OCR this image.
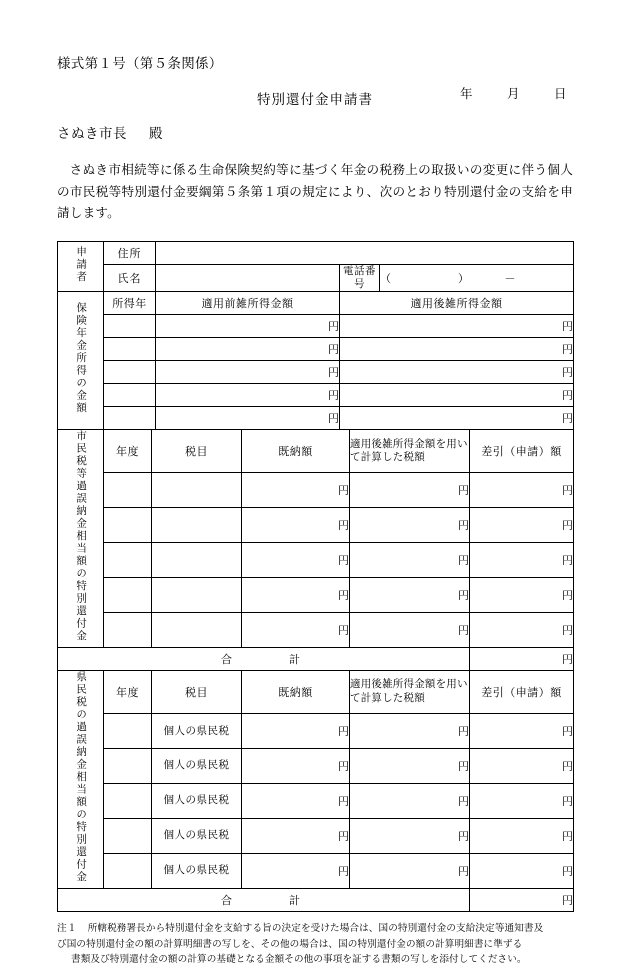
様式第１号（第５条関係）
年	月	日
特別還付金申請書
さぬき市長 殿
さぬき市相続等に係る生命保険契約等に基づく年金の税務上の取扱いの変更に伴う個人の市民税等特別還付金要綱第５条第１項の規定により、次のとおり特別還付金の支給を申請します。
申請者	住所				
	氏名		電話番号	（　　　　　）　　　－	
保険年金所得の金額	所得年	適用前雑所得金額	適用後雑所得金額
		円	円
		円	円
		円	円
		円	円
		円	円
市民税等過誤納金相当額の特別還付金	年度	税目	既納額	適用後雑所得金額を用いて計算した税額	差引（申請）額
			円	円	円
			円	円	円
			円	円	円
			円	円	円
			円	円	円
合　　　計					円
県民税の過誤納金相当額の特別還付金	年度	税目	既納額	適用後雑所得金額を用いて計算した税額	差引（申請）額
		個人の県民税	円	円	円
		個人の県民税	円	円	円
		個人の県民税	円	円	円
		個人の県民税	円	円	円
		個人の県民税	円	円	円
合　　　計	円
注１ 所轄税務署長から特別還付金を支給する旨の決定を受けた場合は、国の特別還付金の支給決定等通知書及
び国の特別還付金の額の計算明細書の写しを、その他の場合は、国の特別還付金の額の計算明細書に準ずる
書類及び特別還付金の額の計算の基礎となる金額その他の事項を証する書類の写しを添付してください。
